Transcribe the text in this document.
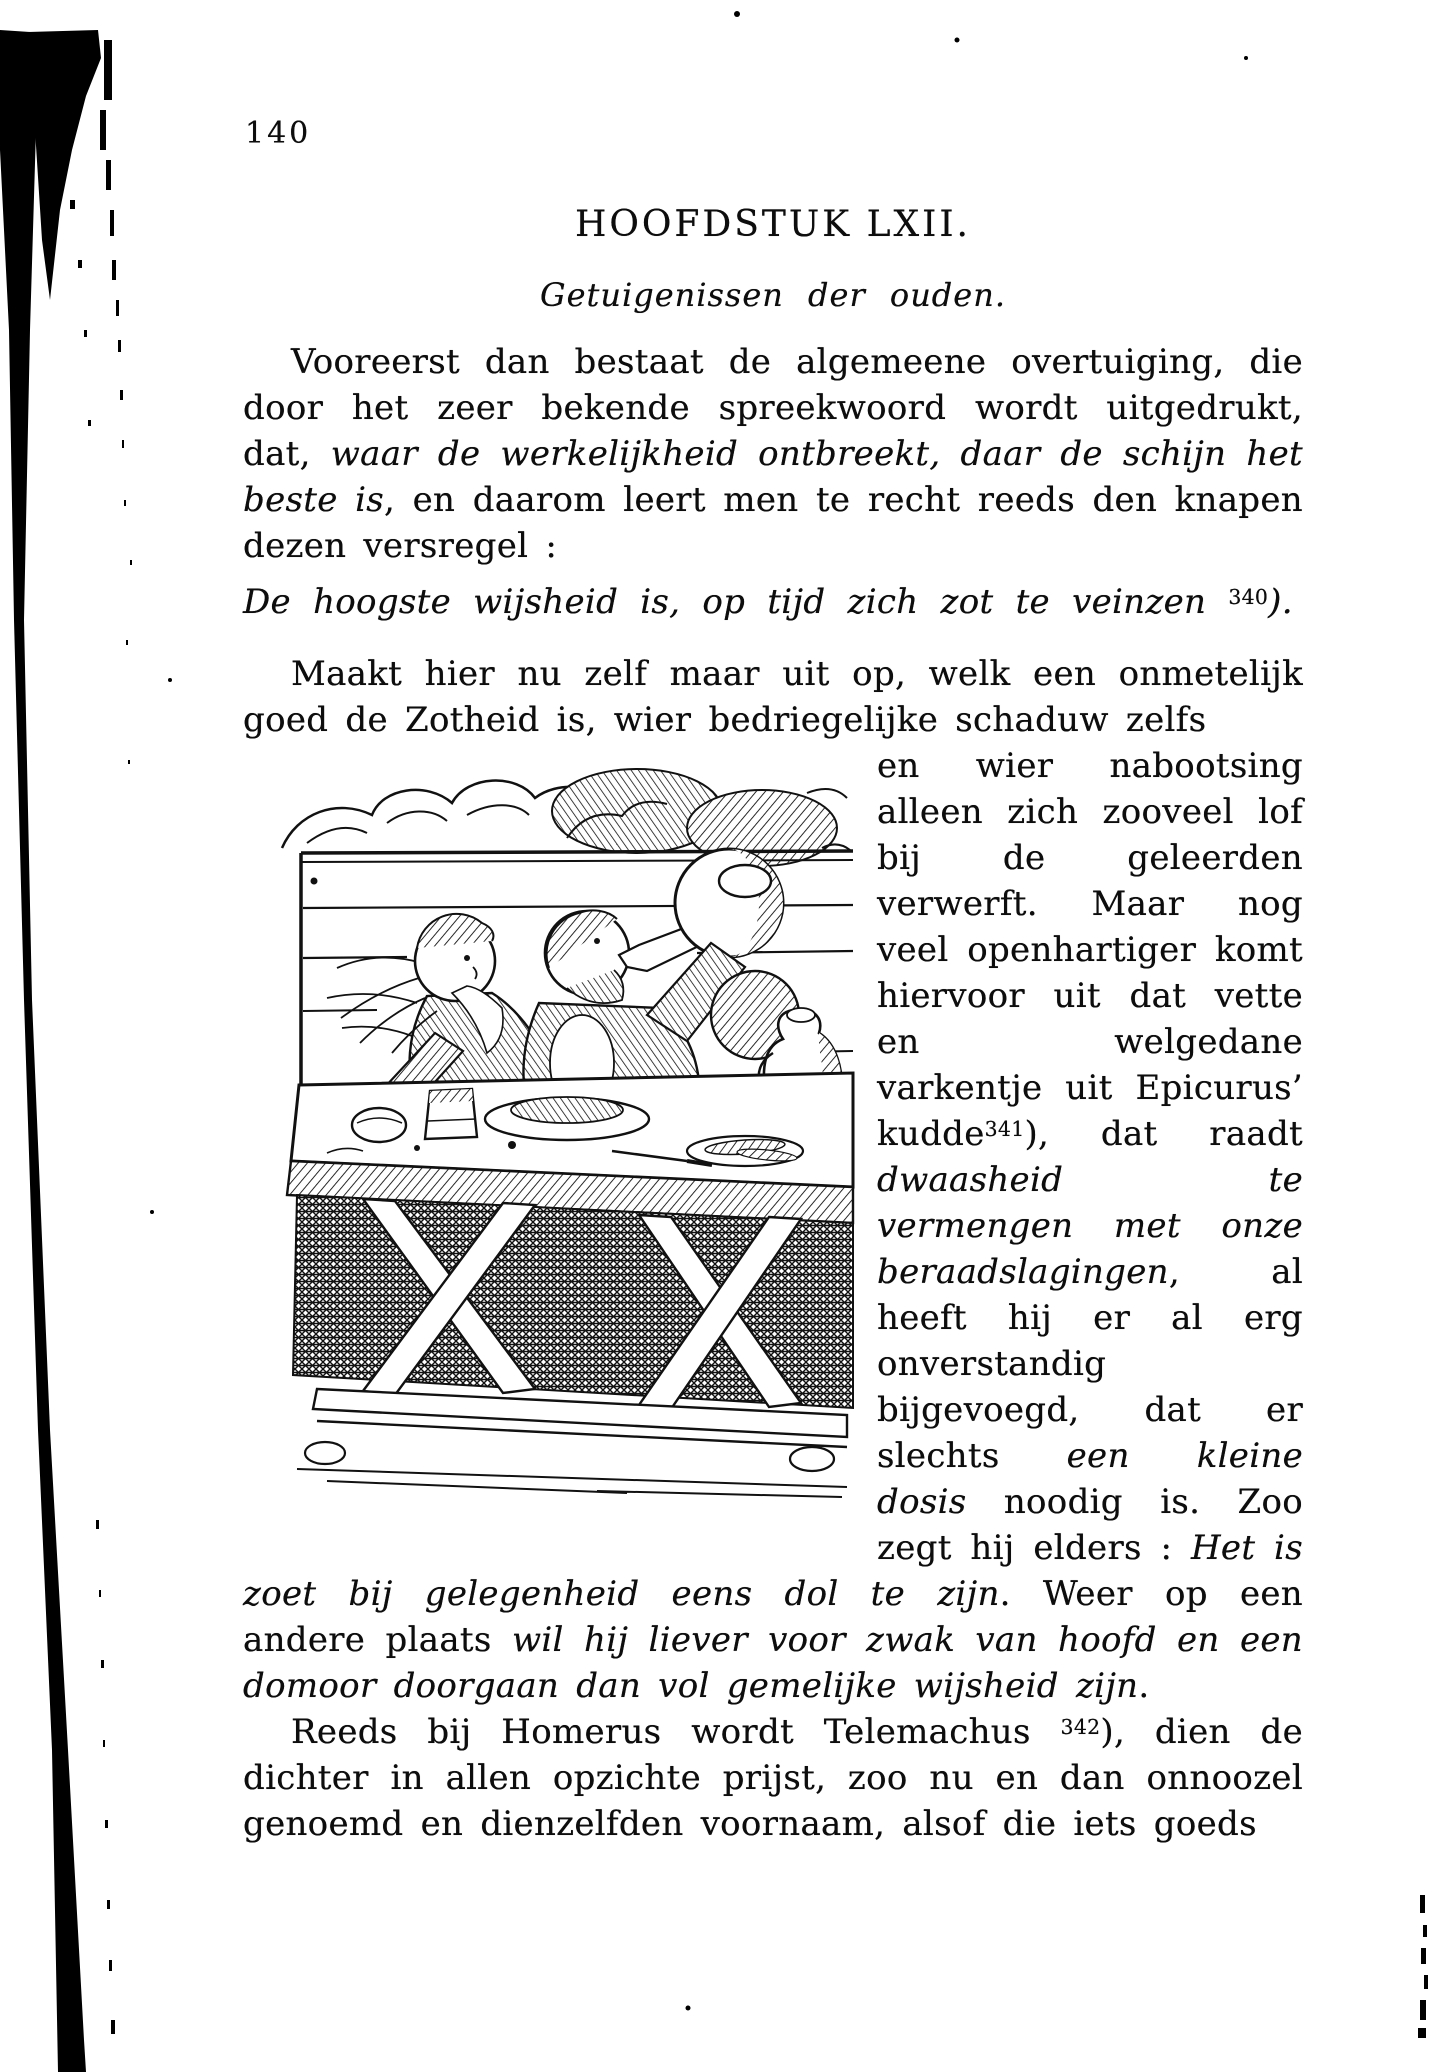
140
HOOFDSTUK LXII.
Getuigenissen der ouden.

Vooreerst dan bestaat de algemeene overtuiging, die door het zeer bekende spreekwoord wordt uitgedrukt, dat, waar de werkelijkheid ontbreekt, daar de schijn het beste is, en daarom leert men te recht reeds den knapen dezen versregel :

De hoogste wijsheid is, op tijd zich zot te veinzen $^{340}$).

Maakt hier nu zelf maar uit op, welk een onmetelijk goed de Zotheid is, wier bedriegelijke schaduw zelfs

en wier nabootsing alleen zich zooveel lof bij de geleerden verwerft. Maar nog veel openhartiger komt hiervoor uit dat vette en welgedane varkentje uit Epicurus’ kudde$^{341}$), dat raadt dwaasheid te vermengen met onze beraadslagingen, al heeft hij er al erg onverstandig bijgevoegd, dat er slechts een kleine dosis noodig is. Zoo zegt hij elders : Het is zoet bij gelegenheid eens dol te zijn. Weer op een andere plaats wil hij liever voor zwak van hoofd en een domoor doorgaan dan vol gemelijke wijsheid zijn.

Reeds bij Homerus wordt Telemachus $^{342}$), dien de dichter in allen opzichte prijst, zoo nu en dan onnoozel genoemd en dienzelfden voornaam, alsof die iets goeds
